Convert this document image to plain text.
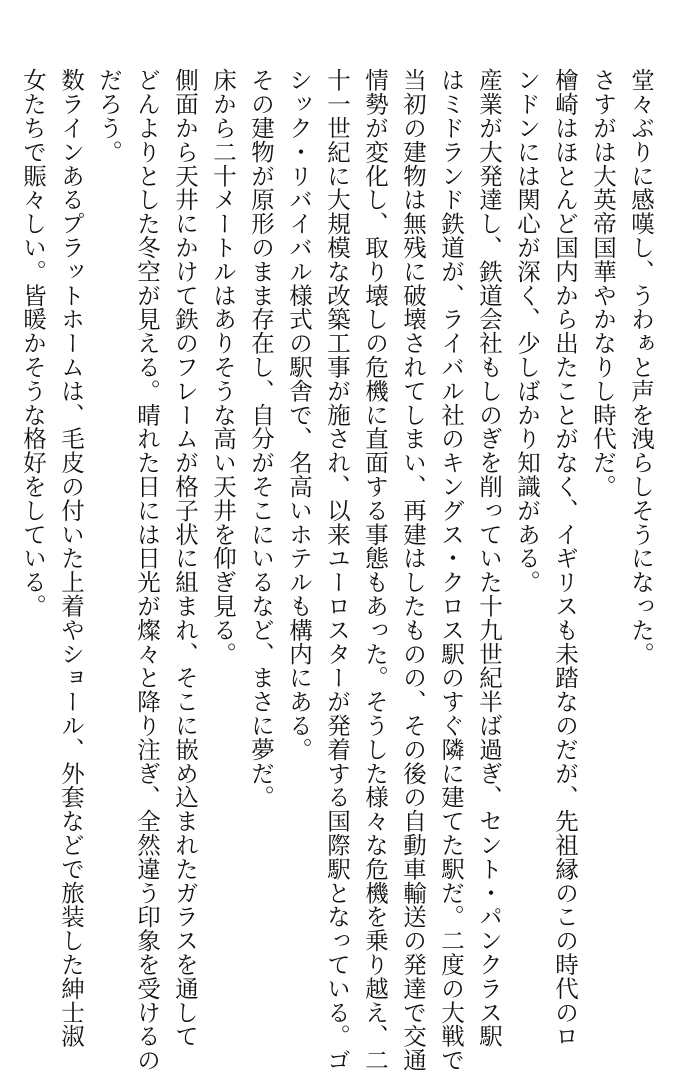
堂々ぶりに感嘆し、うわぁと声を洩らしそうになった。
さすがは大英帝国華やかなりし時代だ。
檜崎はほとんど国内から出たことがなく、イギリスも未踏なのだが、先祖縁のこの時代のロ
ンドンには関心が深く、少しばかり知識がある。
産業が大発達し、鉄道会社もしのぎを削っていた十九世紀半ば過ぎ、セント・パンクラス駅
はミドランド鉄道が、ライバル社のキングス・クロス駅のすぐ隣に建てた駅だ。二度の大戦で
当初の建物は無残に破壊されてしまい、再建はしたものの、その後の自動車輸送の発達で交通
情勢が変化し、取り壊しの危機に直面する事態もあった。そうした様々な危機を乗り越え、二
十一世紀に大規模な改築工事が施され、以来ユーロスターが発着する国際駅となっている。ゴ
シック・リバイバル様式の駅舎で、名高いホテルも構内にある。
その建物が原形のまま存在し、自分がそこにいるなど、まさに夢だ。
床から二十メートルはありそうな高い天井を仰ぎ見る。
側面から天井にかけて鉄のフレームが格子状に組まれ、そこに嵌め込まれたガラスを通して
どんよりとした冬空が見える。晴れた日には日光が燦々と降り注ぎ、全然違う印象を受けるの
だろう。
数ラインあるプラットホームは、毛皮の付いた上着やショール、外套などで旅装した紳士淑
女たちで賑々しい。皆暖かそうな格好をしている。
